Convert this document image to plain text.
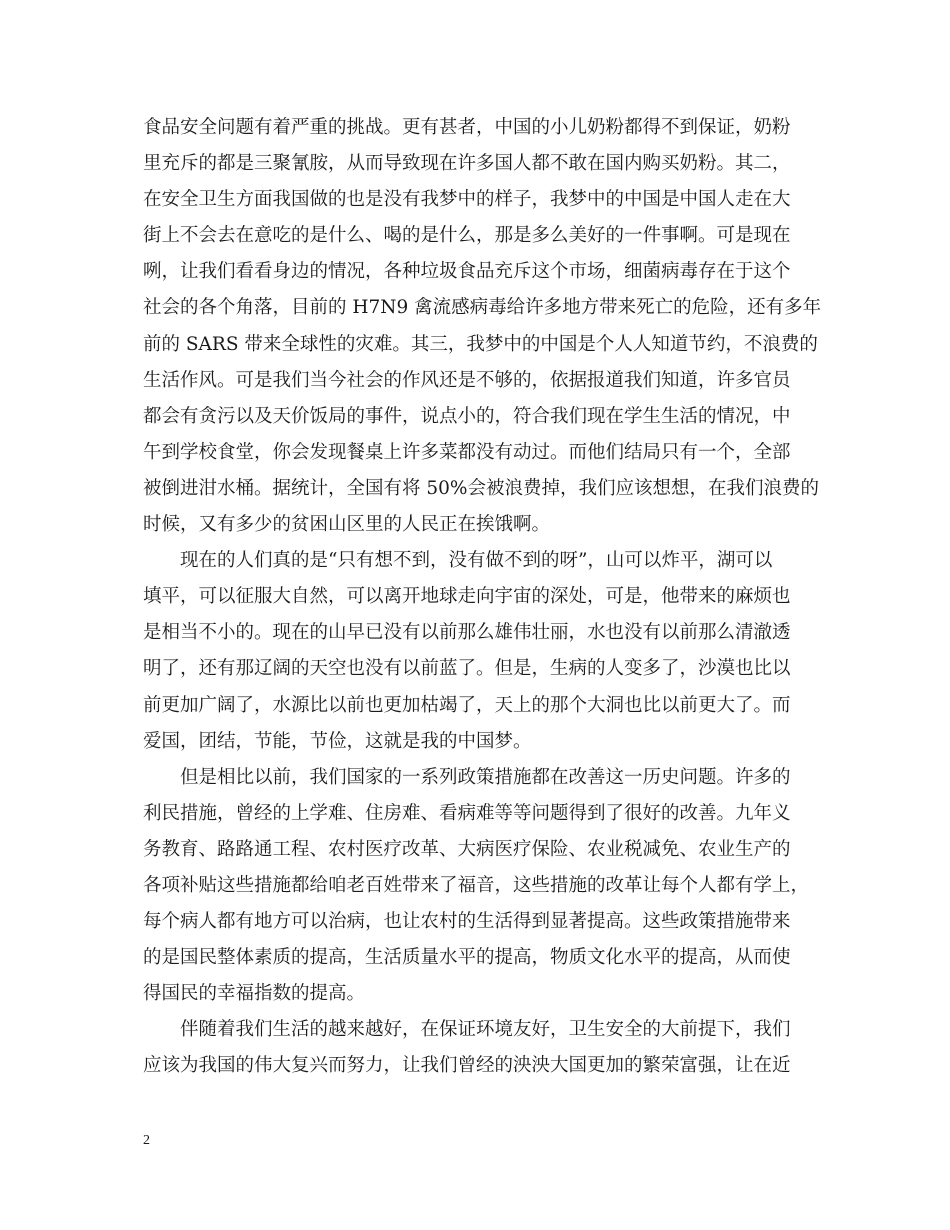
食品安全问题有着严重的挑战。更有甚者，中国的小儿奶粉都得不到保证，奶粉
里充斥的都是三聚氰胺，从而导致现在许多国人都不敢在国内购买奶粉。其二，
在安全卫生方面我国做的也是没有我梦中的样子，我梦中的中国是中国人走在大
街上不会去在意吃的是什么、喝的是什么，那是多么美好的一件事啊。可是现在
咧，让我们看看身边的情况，各种垃圾食品充斥这个市场，细菌病毒存在于这个
社会的各个角落，目前的 H7N9 禽流感病毒给许多地方带来死亡的危险，还有多年
前的 SARS 带来全球性的灾难。其三，我梦中的中国是个人人知道节约，不浪费的
生活作风。可是我们当今社会的作风还是不够的，依据报道我们知道，许多官员
都会有贪污以及天价饭局的事件，说点小的，符合我们现在学生生活的情况，中
午到学校食堂，你会发现餐桌上许多菜都没有动过。而他们结局只有一个，全部
被倒进泔水桶。据统计，全国有将 50%会被浪费掉，我们应该想想，在我们浪费的
时候，又有多少的贫困山区里的人民正在挨饿啊。
现在的人们真的是“只有想不到，没有做不到的呀”，山可以炸平，湖可以
填平，可以征服大自然，可以离开地球走向宇宙的深处，可是，他带来的麻烦也
是相当不小的。现在的山早已没有以前那么雄伟壮丽，水也没有以前那么清澈透
明了，还有那辽阔的天空也没有以前蓝了。但是，生病的人变多了，沙漠也比以
前更加广阔了，水源比以前也更加枯竭了，天上的那个大洞也比以前更大了。而
爱国，团结，节能，节俭，这就是我的中国梦。
但是相比以前，我们国家的一系列政策措施都在改善这一历史问题。许多的
利民措施，曾经的上学难、住房难、看病难等等问题得到了很好的改善。九年义
务教育、路路通工程、农村医疗改革、大病医疗保险、农业税减免、农业生产的
各项补贴这些措施都给咱老百姓带来了福音，这些措施的改革让每个人都有学上，
每个病人都有地方可以治病，也让农村的生活得到显著提高。这些政策措施带来
的是国民整体素质的提高，生活质量水平的提高，物质文化水平的提高，从而使
得国民的幸福指数的提高。
伴随着我们生活的越来越好，在保证环境友好，卫生安全的大前提下，我们
应该为我国的伟大复兴而努力，让我们曾经的泱泱大国更加的繁荣富强，让在近
2
